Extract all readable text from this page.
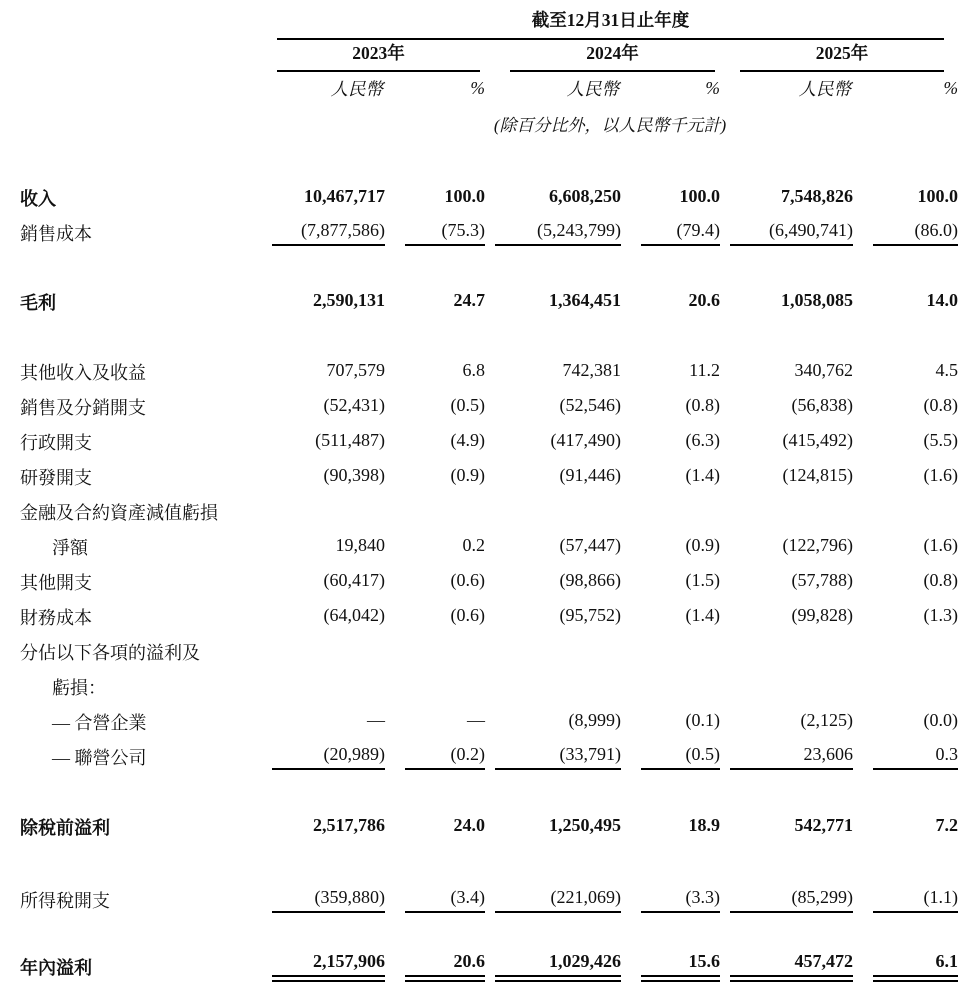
	截至12月31日止年度					

	2023年		2024年		2025年	

	人民幣	%	人民幣	%	人民幣	%
	(除百分比外，以人民幣千元計)					

收入	10,467,717	100.0	6,608,250	100.0	7,548,826	100.0

銷售成本	(7,877,586)	(75.3)	(5,243,799)	(79.4)	(6,490,741)	(86.0)

毛利	2,590,131	24.7	1,364,451	20.6	1,058,085	14.0

其他收入及收益	707,579	6.8	742,381	11.2	340,762	4.5

銷售及分銷開支	(52,431)	(0.5)	(52,546)	(0.8)	(56,838)	(0.8)

行政開支	(511,487)	(4.9)	(417,490)	(6.3)	(415,492)	(5.5)

研發開支	(90,398)	(0.9)	(91,446)	(1.4)	(124,815)	(1.6)

金融及合約資產減值虧損						
淨額	19,840	0.2	(57,447)	(0.9)	(122,796)	(1.6)

其他開支	(60,417)	(0.6)	(98,866)	(1.5)	(57,788)	(0.8)

財務成本	(64,042)	(0.6)	(95,752)	(1.4)	(99,828)	(1.3)

分佔以下各項的溢利及						
虧損：						
— 合營企業	—	—	(8,999)	(0.1)	(2,125)	(0.0)

— 聯營公司	(20,989)	(0.2)	(33,791)	(0.5)	23,606	0.3

除稅前溢利	2,517,786	24.0	1,250,495	18.9	542,771	7.2

所得稅開支	(359,880)	(3.4)	(221,069)	(3.3)	(85,299)	(1.1)

年內溢利	2,157,906	20.6	1,029,426	15.6	457,472	6.1
